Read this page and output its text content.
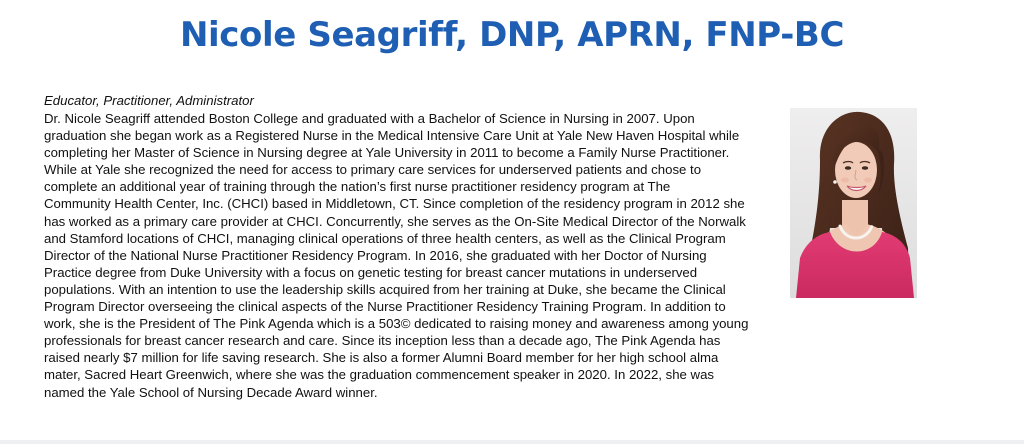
Nicole Seagriff, DNP, APRN, FNP-BC
Educator, Practitioner, Administrator
Dr. Nicole Seagriff attended Boston College and graduated with a Bachelor of Science in Nursing in 2007. Upon
graduation she began work as a Registered Nurse in the Medical Intensive Care Unit at Yale New Haven Hospital while
completing her Master of Science in Nursing degree at Yale University in 2011 to become a Family Nurse Practitioner.
While at Yale she recognized the need for access to primary care services for underserved patients and chose to
complete an additional year of training through the nation’s first nurse practitioner residency program at The
Community Health Center, Inc. (CHCI) based in Middletown, CT. Since completion of the residency program in 2012 she
has worked as a primary care provider at CHCI. Concurrently, she serves as the On-Site Medical Director of the Norwalk
and Stamford locations of CHCI, managing clinical operations of three health centers, as well as the Clinical Program
Director of the National Nurse Practitioner Residency Program. In 2016, she graduated with her Doctor of Nursing
Practice degree from Duke University with a focus on genetic testing for breast cancer mutations in underserved
populations. With an intention to use the leadership skills acquired from her training at Duke, she became the Clinical
Program Director overseeing the clinical aspects of the Nurse Practitioner Residency Training Program. In addition to
work, she is the President of The Pink Agenda which is a 503© dedicated to raising money and awareness among young
professionals for breast cancer research and care. Since its inception less than a decade ago, The Pink Agenda has
raised nearly $7 million for life saving research. She is also a former Alumni Board member for her high school alma
mater, Sacred Heart Greenwich, where she was the graduation commencement speaker in 2020. In 2022, she was
named the Yale School of Nursing Decade Award winner.
